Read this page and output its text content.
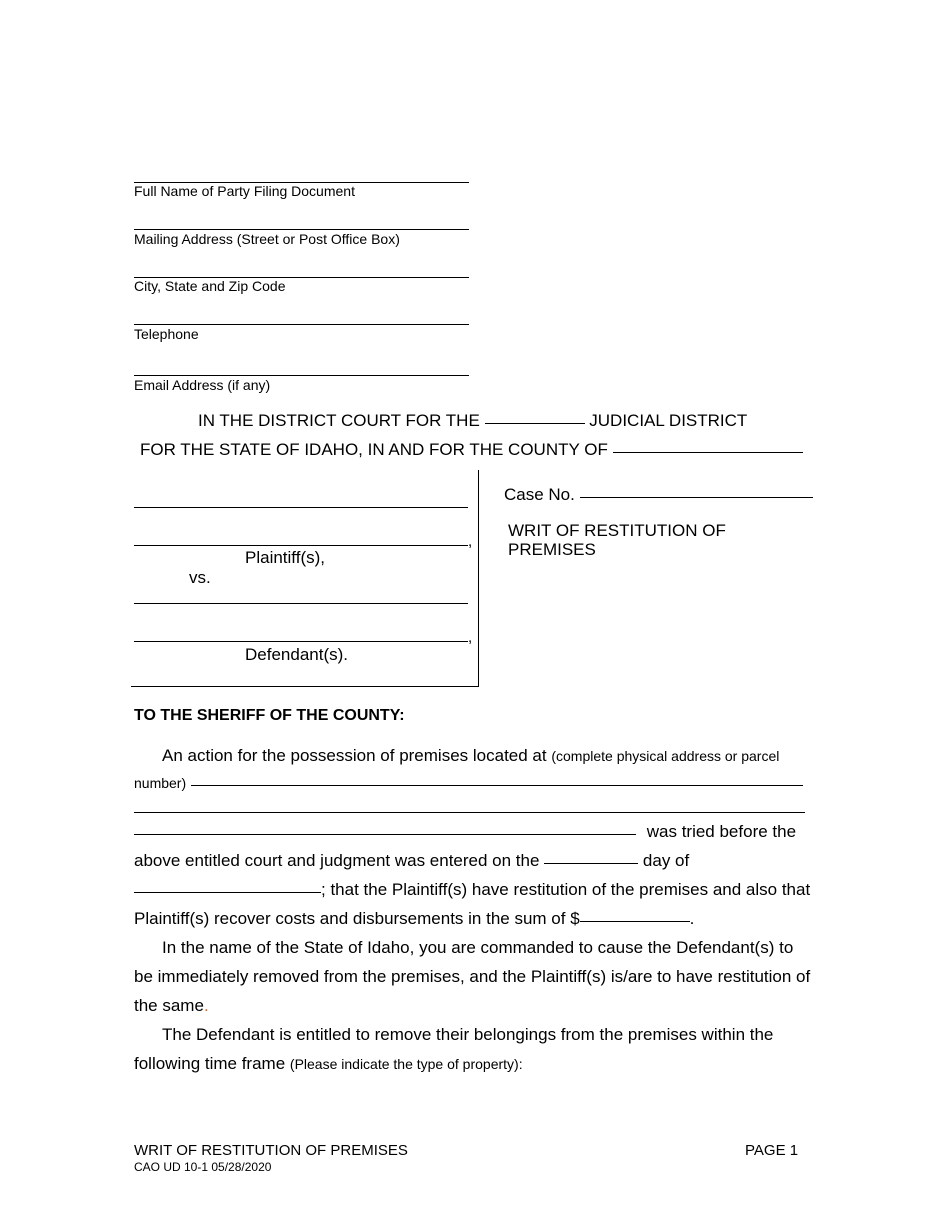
Full Name of Party Filing Document
Mailing Address (Street or Post Office Box)
City, State and Zip Code
Telephone
Email Address (if any)
IN THE DISTRICT COURT FOR THE	JUDICIAL DISTRICT
FOR THE STATE OF IDAHO, IN AND FOR THE COUNTY OF
,
Plaintiff(s),
vs.
,
Defendant(s).
Case No.
WRIT OF RESTITUTION OF
PREMISES
TO THE SHERIFF OF THE COUNTY:
An action for the possession of premises located at (complete physical address or parcel
number)
was tried before the
above entitled court and judgment was entered on the	day of
; that the Plaintiff(s) have restitution of the premises and also that
Plaintiff(s) recover costs and disbursements in the sum of $	.
In the name of the State of Idaho, you are commanded to cause the Defendant(s) to
be immediately removed from the premises, and the Plaintiff(s) is/are to have restitution of
the same.
The Defendant is entitled to remove their belongings from the premises within the
following time frame (Please indicate the type of property):
WRIT OF RESTITUTION OF PREMISES
CAO UD 10-1 05/28/2020
PAGE 1
